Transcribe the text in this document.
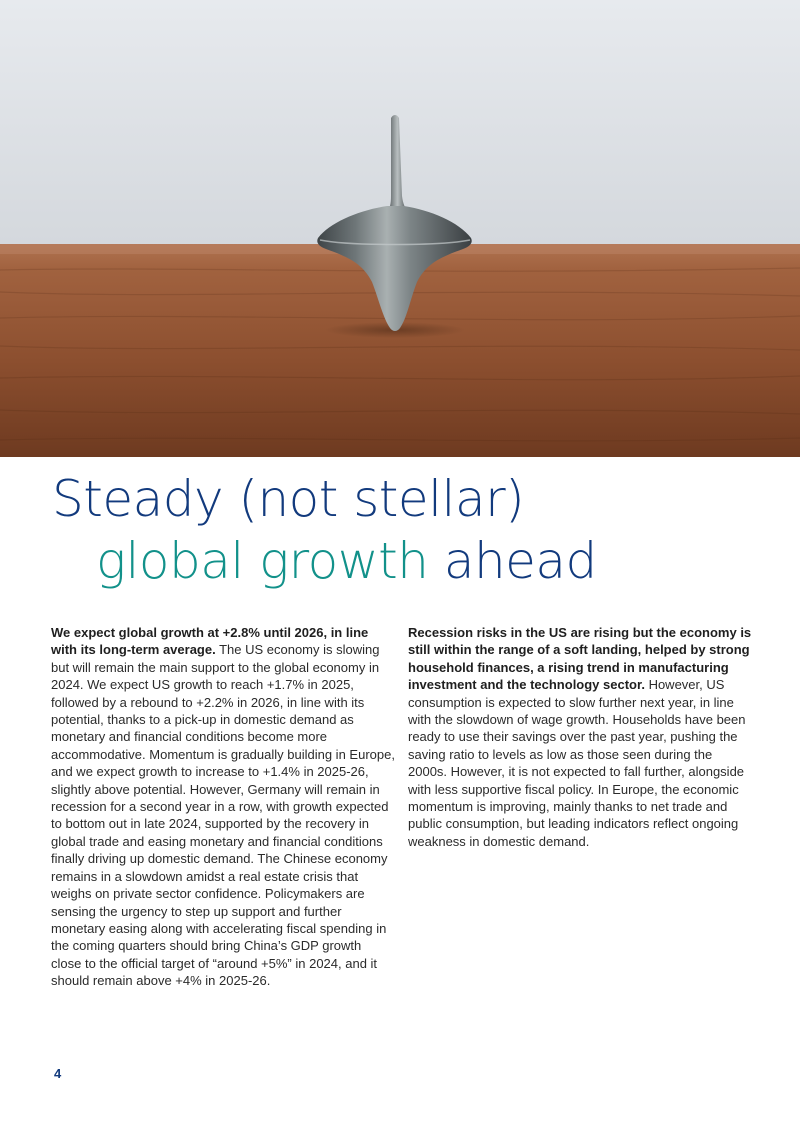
Steady (not stellar)
global growth ahead

We expect global growth at +2.8% until 2026, in line with its long-term average. The US economy is slowing but will remain the main support to the global economy in 2024. We expect US growth to reach +1.7% in 2025, followed by a rebound to +2.2% in 2026, in line with its potential, thanks to a pick-up in domestic demand as monetary and financial conditions become more accommodative. Momentum is gradually building in Europe, and we expect growth to increase to +1.4% in 2025-26, slightly above potential. However, Germany will remain in recession for a second year in a row, with growth expected to bottom out in late 2024, supported by the recovery in global trade and easing monetary and financial conditions finally driving up domestic demand. The Chinese economy remains in a slowdown amidst a real estate crisis that weighs on private sector confidence. Policymakers are sensing the urgency to step up support and further monetary easing along with accelerating fiscal spending in the coming quarters should bring China’s GDP growth close to the official target of “around +5%” in 2024, and it should remain above +4% in 2025-26.

Recession risks in the US are rising but the economy is still within the range of a soft landing, helped by strong household finances, a rising trend in manufacturing investment and the technology sector. However, US consumption is expected to slow further next year, in line with the slowdown of wage growth. Households have been ready to use their savings over the past year, pushing the saving ratio to levels as low as those seen during the 2000s. However, it is not expected to fall further, alongside with less supportive fiscal policy. In Europe, the economic momentum is improving, mainly thanks to net trade and public consumption, but leading indicators reflect ongoing weakness in domestic demand.

4
